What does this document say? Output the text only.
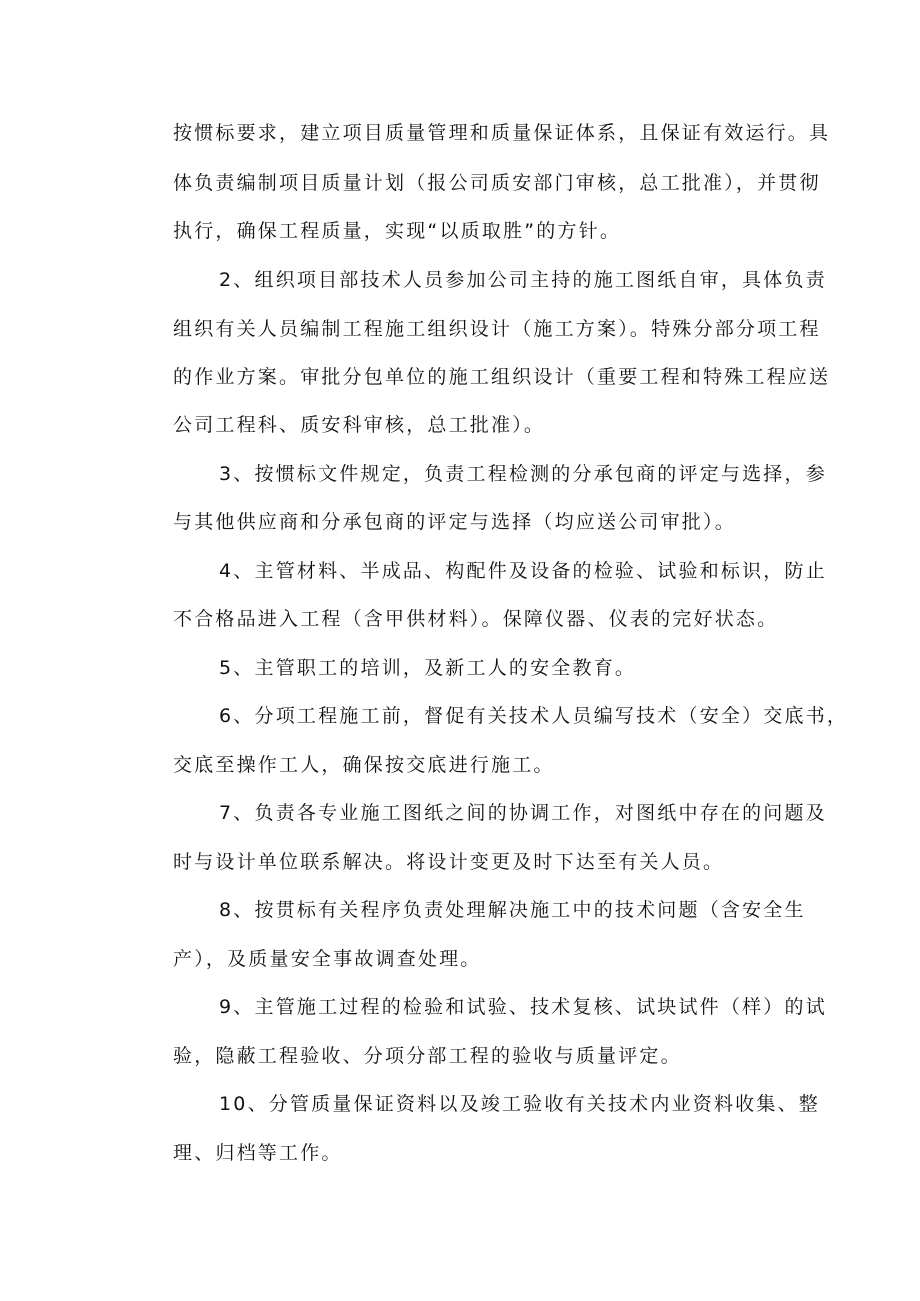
按惯标要求，建立项目质量管理和质量保证体系，且保证有效运行。具
体负责编制项目质量计划（报公司质安部门审核，总工批准），并贯彻
执行，确保工程质量，实现“以质取胜”的方针。
2、组织项目部技术人员参加公司主持的施工图纸自审，具体负责
组织有关人员编制工程施工组织设计（施工方案）。特殊分部分项工程
的作业方案。审批分包单位的施工组织设计（重要工程和特殊工程应送
公司工程科、质安科审核，总工批准）。
3、按惯标文件规定，负责工程检测的分承包商的评定与选择，参
与其他供应商和分承包商的评定与选择（均应送公司审批）。
4、主管材料、半成品、构配件及设备的检验、试验和标识，防止
不合格品进入工程（含甲供材料）。保障仪器、仪表的完好状态。
5、主管职工的培训，及新工人的安全教育。
6、分项工程施工前，督促有关技术人员编写技术（安全）交底书，
交底至操作工人，确保按交底进行施工。
7、负责各专业施工图纸之间的协调工作，对图纸中存在的问题及
时与设计单位联系解决。将设计变更及时下达至有关人员。
8、按贯标有关程序负责处理解决施工中的技术问题（含安全生
产），及质量安全事故调查处理。
9、主管施工过程的检验和试验、技术复核、试块试件（样）的试
验，隐蔽工程验收、分项分部工程的验收与质量评定。
10、分管质量保证资料以及竣工验收有关技术内业资料收集、整
理、归档等工作。
